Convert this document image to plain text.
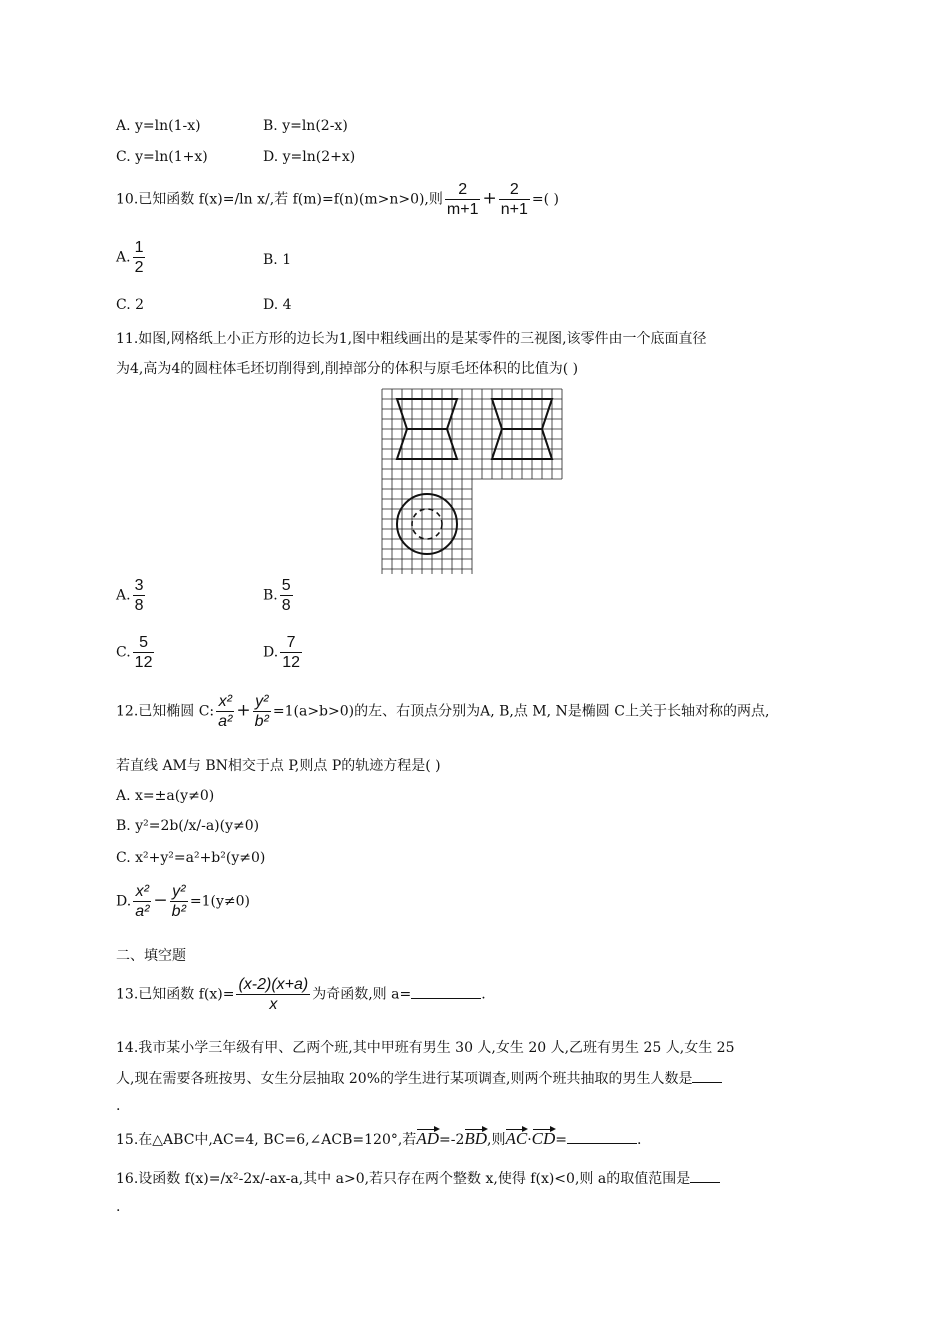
A. y=ln(1-x)	B. y=ln(2-x)
C. y=ln(1+x)	D. y=ln(2+x)
10.已知函数 f(x)=/ln x/,若 f(m)=f(n)(m>n>0),则 $\frac{2}{m+1} + \frac{2}{n+1}$ =( )
A. $\frac{1}{2}$	B. 1
C. 2	D. 4
11.如图,网格纸上小正方形的边长为1,图中粗线画出的是某零件的三视图,该零件由一个底面直径
为4,高为4的圆柱体毛坯切削得到,削掉部分的体积与原毛坯体积的比值为( )
A. $\frac{3}{8}$	B. $\frac{5}{8}$
C. $\frac{5}{12}$	D. $\frac{7}{12}$
12.已知椭圆 C: $\frac{\text{x²}}{\text{a²}} + \frac{\text{y²}}{\text{b²}} =1(a>b>0)$的左、右顶点分别为A, B,点 M, N是椭圆 C上关于长轴对称的两点,
若直线 AM与 BN相交于点 P,则点 P的轨迹方程是( )
A. x=±a(y≠0)
B. y²=2b(/x/-a)(y≠0)
C. x²+y²=a²+b²(y≠0)
D. $\frac{\text{x²}}{\text{a²}} - \frac{\text{y²}}{\text{b²}} =1(y\ne 0)$
二、填空题
13.已知函数 $f(x)= \frac{(x-2)(x+a)}{x}$ 为奇函数,则 a=	.
14.我市某小学三年级有甲、乙两个班,其中甲班有男生 30 人,女生 20 人,乙班有男生 25 人,女生 25
人,现在需要各班按男、女生分层抽取 20%的学生进行某项调查,则两个班共抽取的男生人数是
.
15.在△ABC中,AC=4, BC=6,∠ACB=120°,若AD=-2BD,则AC·CD=	.
16.设函数 f(x)=/x²-2x/-ax-a,其中 a>0,若只存在两个整数 x,使得 f(x)<0,则 a的取值范围是
.
